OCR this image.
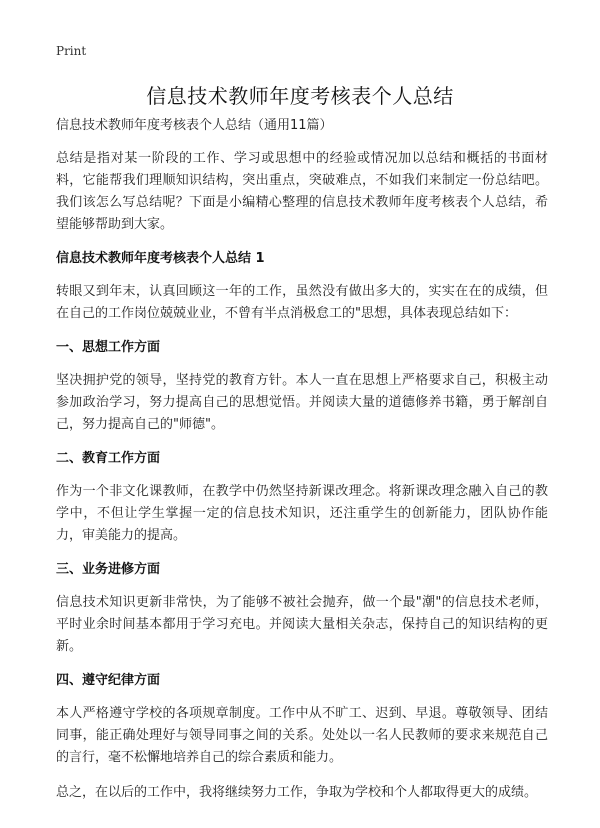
Print
信息技术教师年度考核表个人总结

信息技术教师年度考核表个人总结（通用11篇）

总结是指对某一阶段的工作、学习或思想中的经验或情况加以总结和概括的书面材料，它能帮我们理顺知识结构，突出重点，突破难点，不如我们来制定一份总结吧。我们该怎么写总结呢？下面是小编精心整理的信息技术教师年度考核表个人总结，希望能够帮助到大家。

信息技术教师年度考核表个人总结 1

转眼又到年末，认真回顾这一年的工作，虽然没有做出多大的，实实在在的成绩，但在自己的工作岗位兢兢业业，不曾有半点消极怠工的"思想，具体表现总结如下：

一、思想工作方面

坚决拥护党的领导，坚持党的教育方针。本人一直在思想上严格要求自己，积极主动参加政治学习，努力提高自己的思想觉悟。并阅读大量的道德修养书籍，勇于解剖自己，努力提高自己的"师德"。

二、教育工作方面

作为一个非文化课教师，在教学中仍然坚持新课改理念。将新课改理念融入自己的教学中，不但让学生掌握一定的信息技术知识，还注重学生的创新能力，团队协作能力，审美能力的提高。

三、业务进修方面

信息技术知识更新非常快，为了能够不被社会抛弃，做一个最"潮"的信息技术老师，平时业余时间基本都用于学习充电。并阅读大量相关杂志，保持自己的知识结构的更新。

四、遵守纪律方面

本人严格遵守学校的各项规章制度。工作中从不旷工、迟到、早退。尊敬领导、团结同事，能正确处理好与领导同事之间的关系。处处以一名人民教师的要求来规范自己的言行，毫不松懈地培养自己的综合素质和能力。

总之，在以后的工作中，我将继续努力工作，争取为学校和个人都取得更大的成绩。
